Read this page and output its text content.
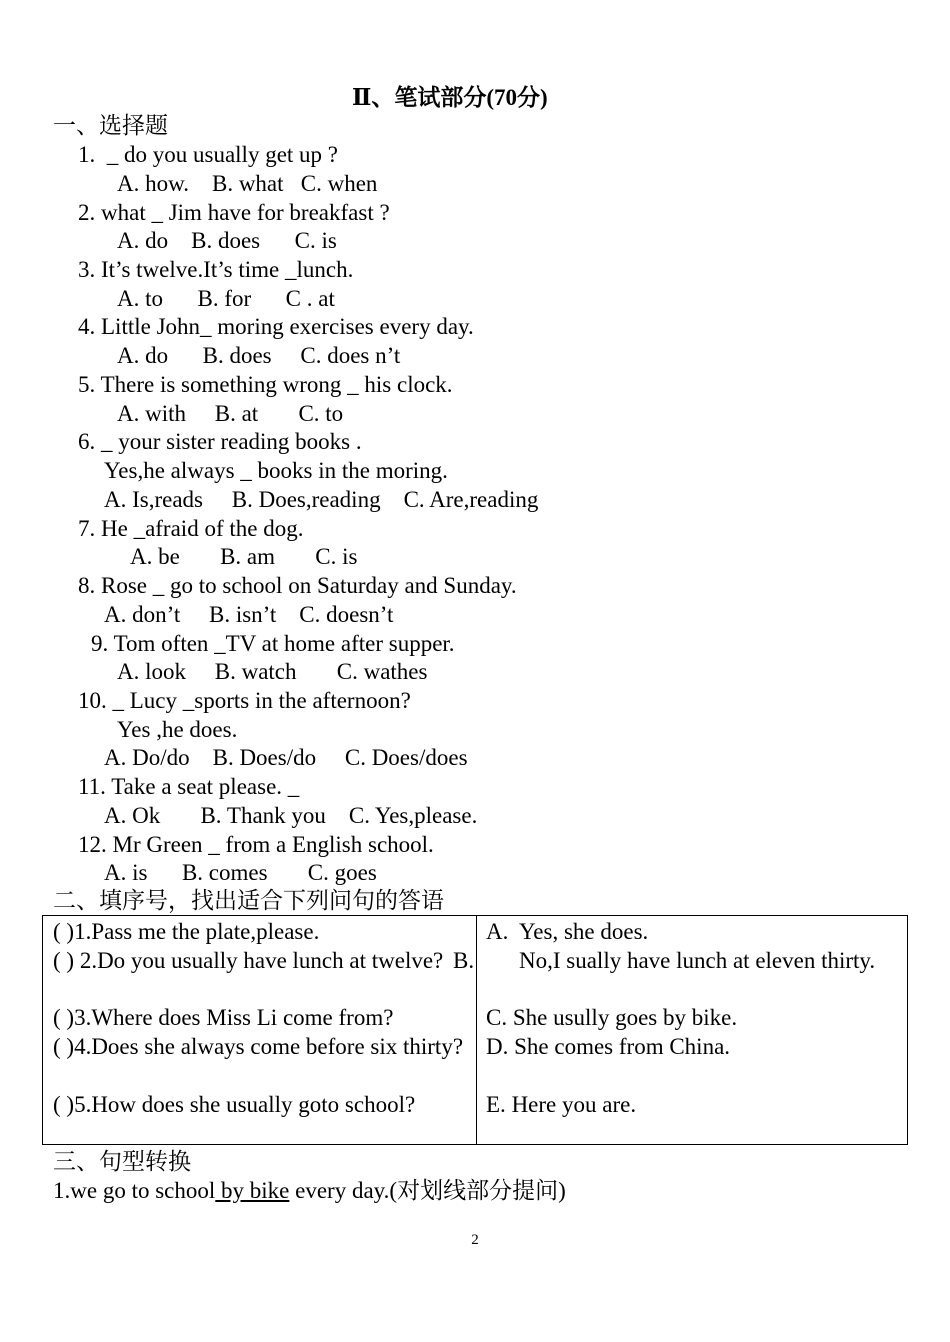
Ⅱ、笔试部分(70分)
一、选择题
1.  _ do you usually get up ?
A. how.    B. what   C. when
2. what _ Jim have for breakfast ?
A. do    B. does      C. is
3. It’s twelve.It’s time _lunch.
A. to      B. for      C . at
4. Little John_ moring exercises every day.
A. do      B. does     C. does n’t
5. There is something wrong _ his clock.
A. with     B. at       C. to
6. _ your sister reading books .
Yes,he always _ books in the moring.
A. Is,reads     B. Does,reading    C. Are,reading
7. He _afraid of the dog.
A. be       B. am       C. is
8. Rose _ go to school on Saturday and Sunday.
A. don’t     B. isn’t    C. doesn’t
9. Tom often _TV at home after supper.
A. look     B. watch       C. wathes
10. _ Lucy _sports in the afternoon?
Yes ,he does.
A. Do/do    B. Does/do     C. Does/does
11. Take a seat please. _
A. Ok       B. Thank you    C. Yes,please.
12. Mr Green _ from a English school.
A. is      B. comes       C. goes
二、填序号，找出适合下列问句的答语
( )1.Pass me the plate,please.
( ) 2.Do you usually have lunch at twelve?
( )3.Where does Miss Li come from?
( )4.Does she always come before six thirty?
( )5.How does she usually goto school?
A. Yes, she does.
B. No,I sually have lunch at eleven thirty.
C. She usully goes by bike.
D. She comes from China.
E. Here you are.
三、句型转换
1.we go to school by bike every day.(对划线部分提问)
2
